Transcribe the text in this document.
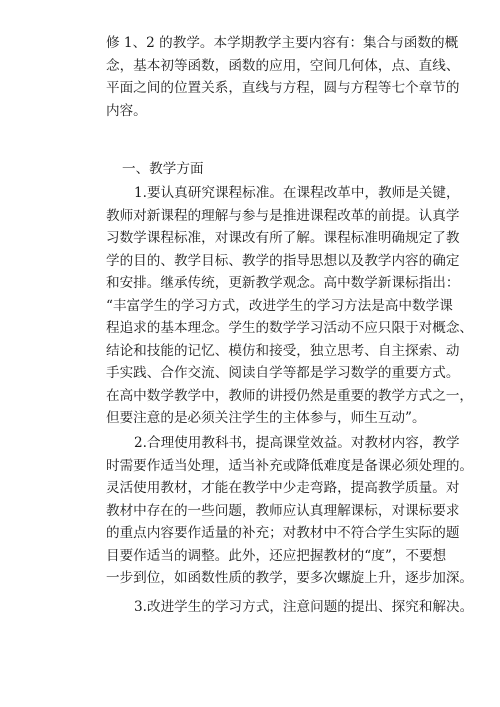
修 1、2 的教学。本学期教学主要内容有：集合与函数的概
念，基本初等函数，函数的应用，空间几何体，点、直线、
平面之间的位置关系，直线与方程，圆与方程等七个章节的
内容。
一、教学方面
1.要认真研究课程标准。在课程改革中，教师是关键，
教师对新课程的理解与参与是推进课程改革的前提。认真学
习数学课程标准，对课改有所了解。课程标准明确规定了教
学的目的、教学目标、教学的指导思想以及教学内容的确定
和安排。继承传统，更新教学观念。高中数学新课标指出：
“丰富学生的学习方式，改进学生的学习方法是高中数学课
程追求的基本理念。学生的数学学习活动不应只限于对概念、
结论和技能的记忆、模仿和接受，独立思考、自主探索、动
手实践、合作交流、阅读自学等都是学习数学的重要方式。
在高中数学教学中，教师的讲授仍然是重要的教学方式之一，
但要注意的是必须关注学生的主体参与，师生互动”。
2.合理使用教科书，提高课堂效益。对教材内容，教学
时需要作适当处理，适当补充或降低难度是备课必须处理的。
灵活使用教材，才能在教学中少走弯路，提高教学质量。对
教材中存在的一些问题，教师应认真理解课标，对课标要求
的重点内容要作适量的补充；对教材中不符合学生实际的题
目要作适当的调整。此外，还应把握教材的“度”，不要想
一步到位，如函数性质的教学，要多次螺旋上升，逐步加深。
3.改进学生的学习方式，注意问题的提出、探究和解决。
